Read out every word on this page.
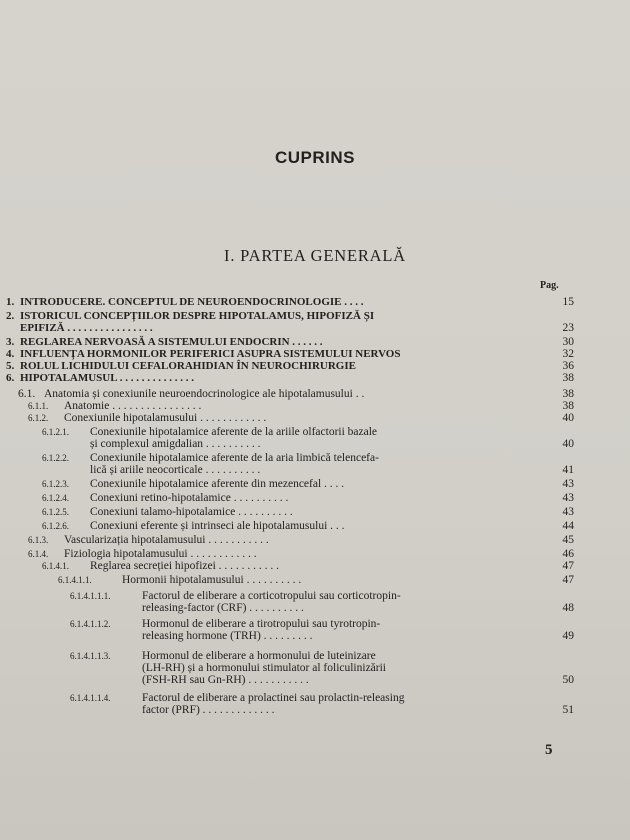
CUPRINS
I. PARTEA GENERALĂ
Pag.
1. INTRODUCERE. CONCEPTUL DE NEUROENDOCRINOLOGIE . . . .	15
2. ISTORICUL CONCEPȚIILOR DESPRE HIPOTALAMUS, HIPOFIZĂ ȘI
EPIFIZĂ . . . . . . . . . . . . . . . .	23
3. REGLAREA NERVOASĂ A SISTEMULUI ENDOCRIN . . . . . .	30
4. INFLUENȚA HORMONILOR PERIFERICI ASUPRA SISTEMULUI NERVOS	32
5. ROLUL LICHIDULUI CEFALORAHIDIAN ÎN NEUROCHIRURGIE	36
6. HIPOTALAMUSUL . . . . . . . . . . . . . .	38
6.1. Anatomia și conexiunile neuroendocrinologice ale hipotalamusului . .	38
6.1.1. Anatomie . . . . . . . . . . . . . . . .	38
6.1.2. Conexiunile hipotalamusului . . . . . . . . . . . .	40
6.1.2.1. Conexiunile hipotalamice aferente de la ariile olfactorii bazale
și complexul amigdalian . . . . . . . . . .	40
6.1.2.2. Conexiunile hipotalamice aferente de la aria limbică telencefa-
lică și ariile neocorticale . . . . . . . . . .	41
6.1.2.3. Conexiunile hipotalamice aferente din mezencefal . . . .	43
6.1.2.4. Conexiuni retino-hipotalamice . . . . . . . . . .	43
6.1.2.5. Conexiuni talamo-hipotalamice . . . . . . . . . .	43
6.1.2.6. Conexiuni eferente și intrinseci ale hipotalamusului . . .	44
6.1.3. Vascularizația hipotalamusului . . . . . . . . . . .	45
6.1.4. Fiziologia hipotalamusului . . . . . . . . . . . .	46
6.1.4.1. Reglarea secreției hipofizei . . . . . . . . . . .	47
6.1.4.1.1.	Hormonii hipotalamusului . . . . . . . . . .	47
6.1.4.1.1.1.	Factorul de eliberare a corticotropului sau corticotropin-
releasing-factor (CRF) . . . . . . . . . .	48
6.1.4.1.1.2.	Hormonul de eliberare a tirotropului sau tyrotropin-
releasing hormone (TRH) . . . . . . . . .	49
6.1.4.1.1.3.	Hormonul de eliberare a hormonului de luteinizare
(LH-RH) și a hormonului stimulator al foliculinizării
(FSH-RH sau Gn-RH) . . . . . . . . . . .	50
6.1.4.1.1.4.	Factorul de eliberare a prolactinei sau prolactin-releasing
factor (PRF) . . . . . . . . . . . . .	51
5
